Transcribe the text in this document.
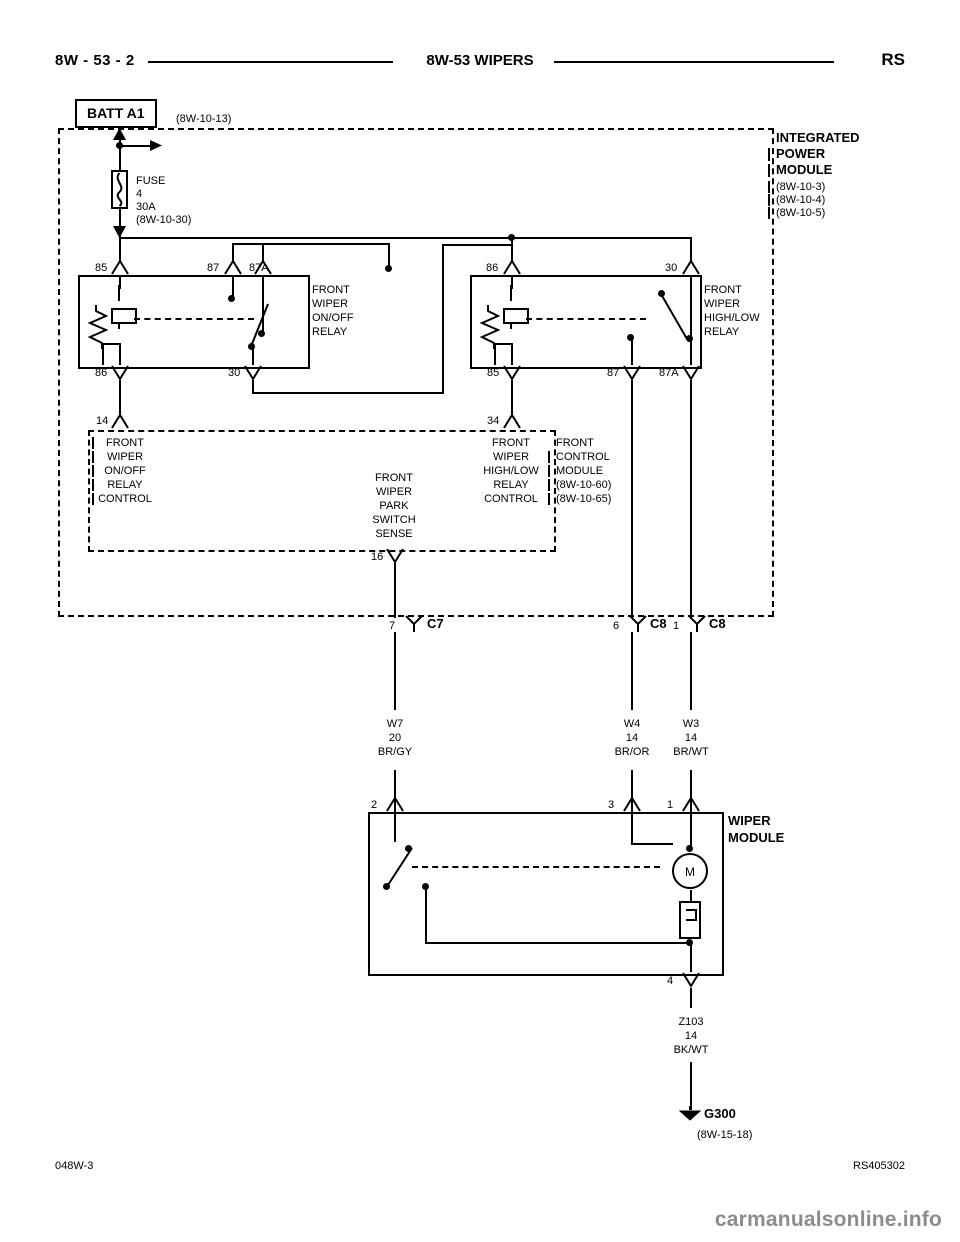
8W - 53 - 2	8W-53 WIPERS	RS
INTEGRATED
POWER
MODULE
(8W-10-3)
(8W-10-4)
(8W-10-5)
BATT A1	(8W-10-13)
FUSE
4
30A
(8W-10-30)
85	87	87A
FRONT
WIPER
ON/OFF
RELAY
86	30
86	30
FRONT
WIPER
HIGH/LOW
RELAY
85	87	87A
14	34
FRONT
WIPER
ON/OFF
RELAY
CONTROL
FRONT
WIPER
HIGH/LOW
RELAY
CONTROL
FRONT
WIPER
PARK
SWITCH
SENSE
FRONT
CONTROL
MODULE
(8W-10-60)
(8W-10-65)
16
7 C7	6 C8 1 C8
W7
20
BR/GY
W4
14
BR/OR
W3
14
BR/WT
2	3	1
WIPER
MODULE
M
4
Z103
14
BK/WT
G300
(8W-15-18)
048W-3	RS405302
carmanualsonline.info
